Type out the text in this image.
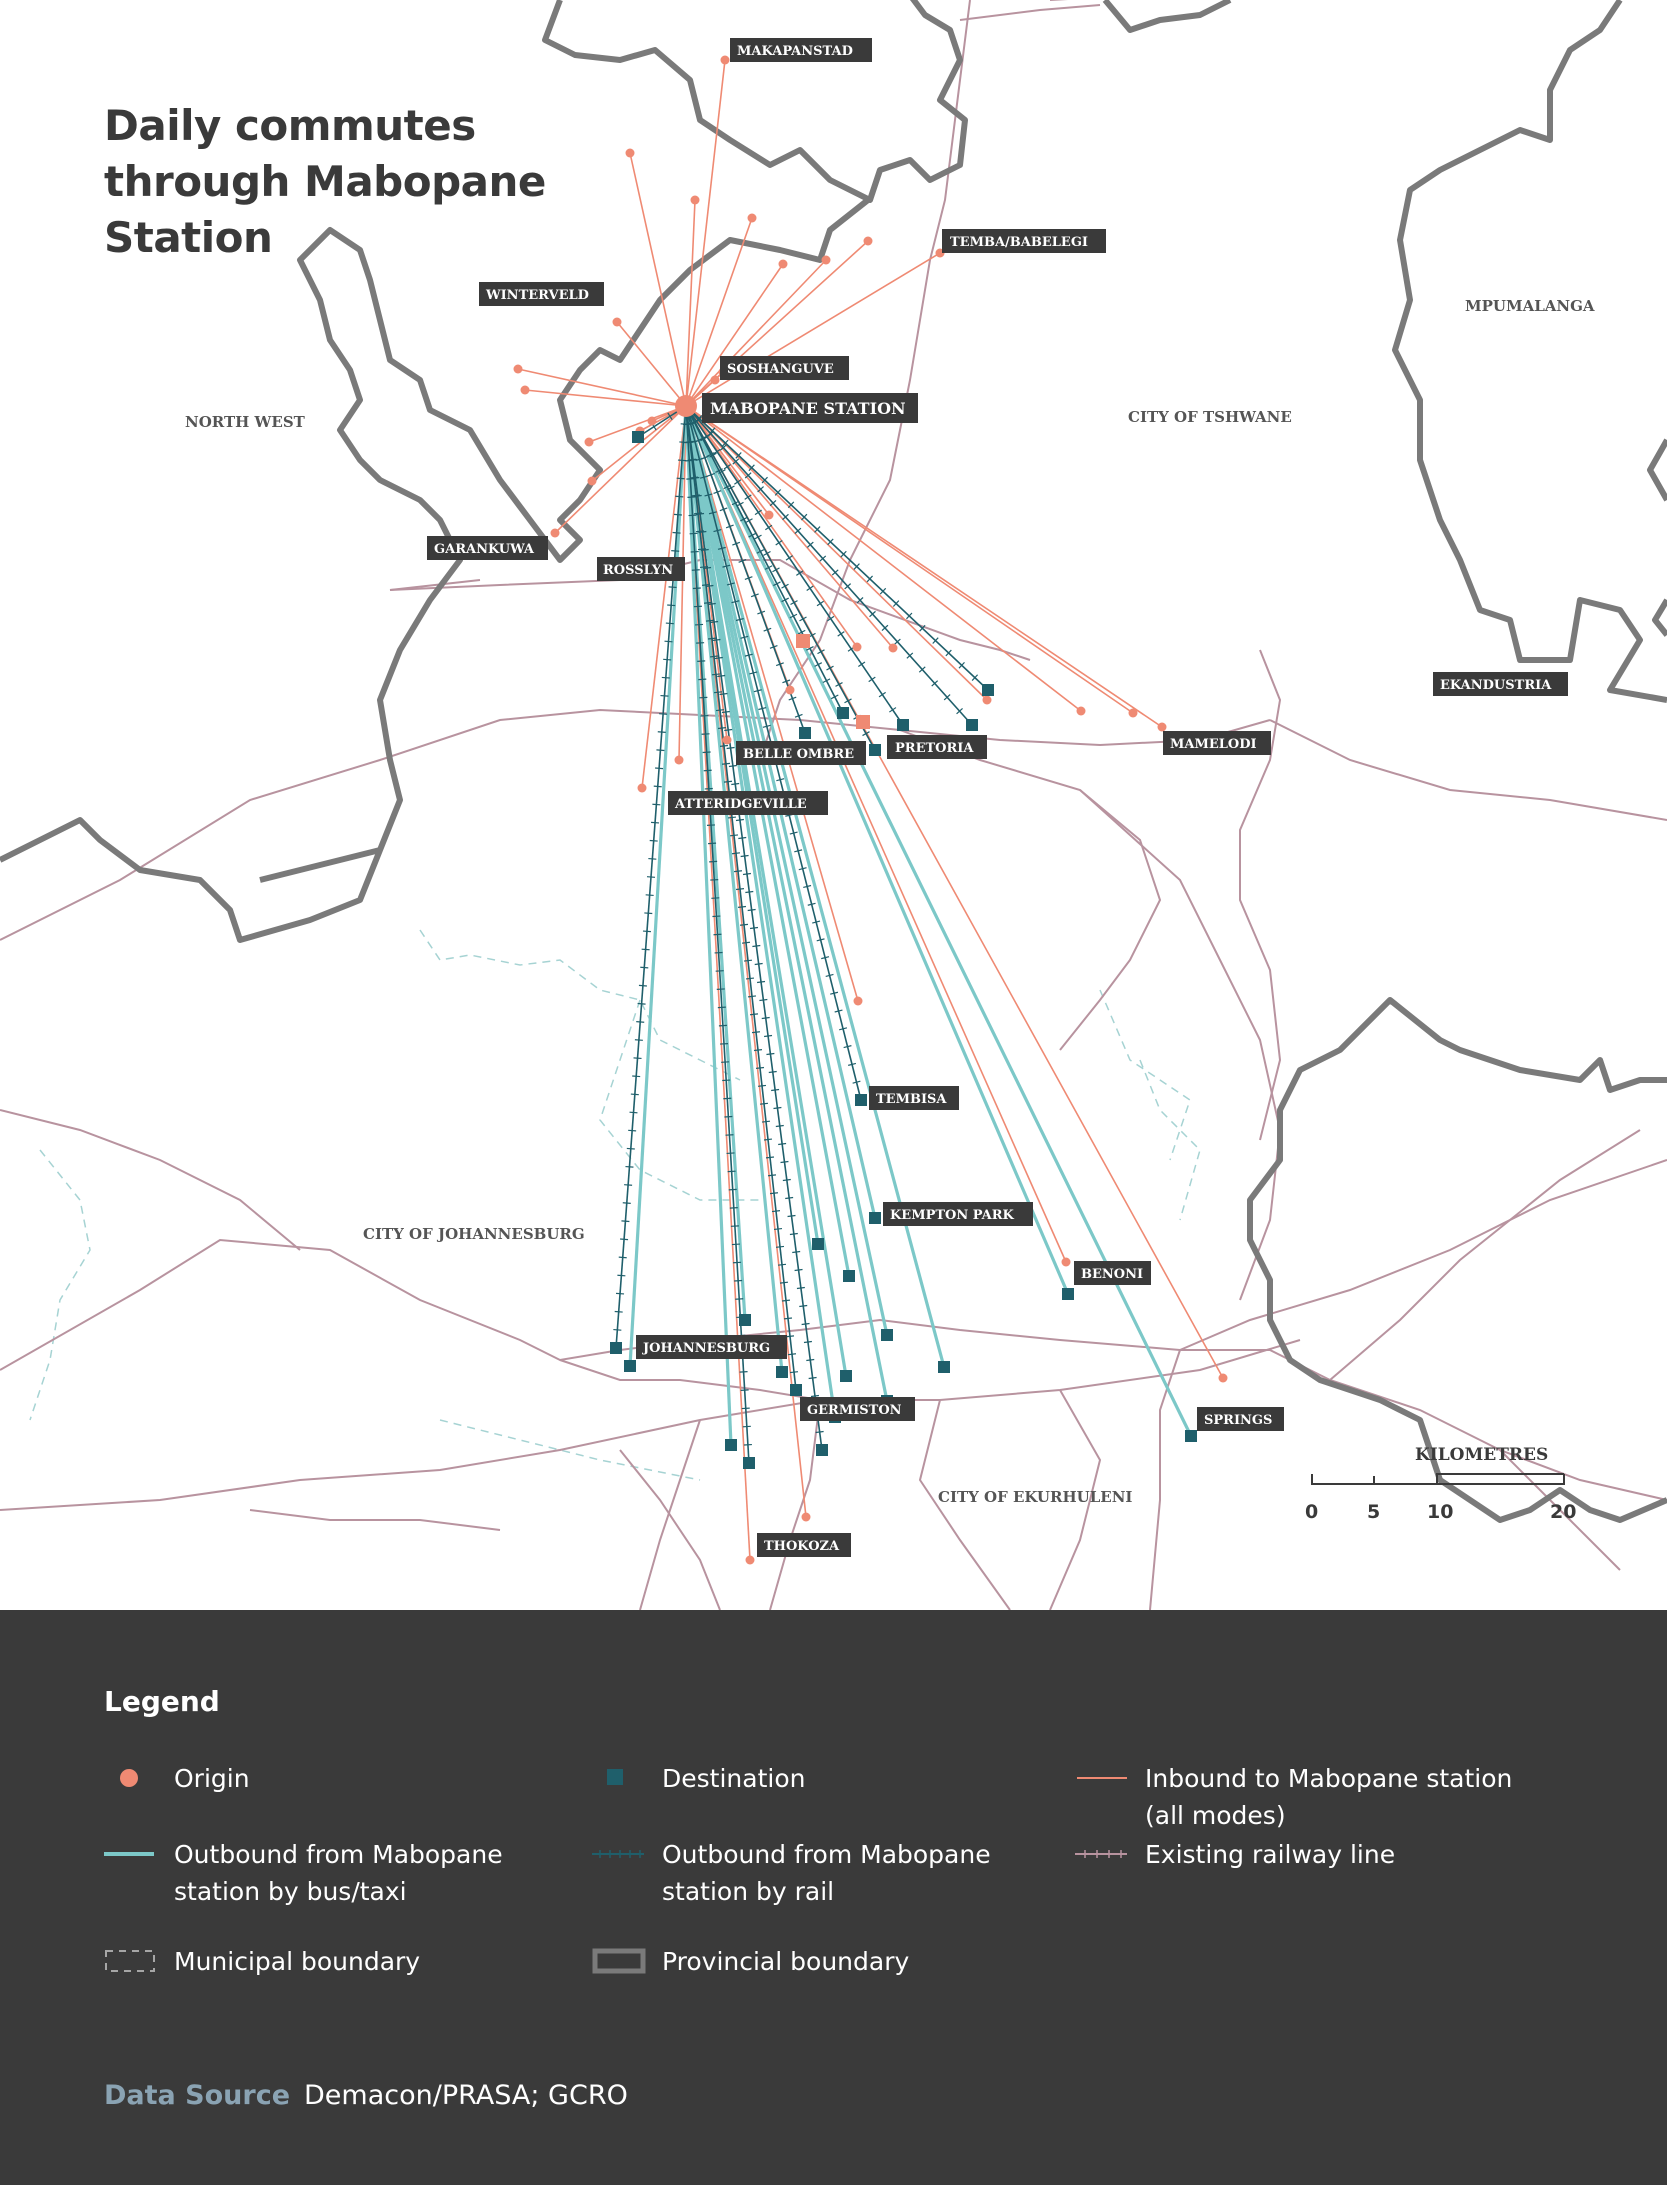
NORTH WEST	CITY OF TSHWANE
MPUMALANGA
CITY OF JOHANNESBURG
CITY OF EKURHULENI
MAKAPANSTAD
TEMBA/BABELEGI
WINTERVELD
SOSHANGUVE
MABOPANE STATION
GARANKUWA
ROSSLYN
BELLE OMBRE	PRETORIA
ATTERIDGEVILLE
MAMELODI
EKANDUSTRIA
TEMBISA
KEMPTON PARK
BENONI
JOHANNESBURG
GERMISTON
SPRINGS
THOKOZA
KILOMETRES
0	5 10	20
Daily commutes
through Mabopane
Station
Legend
Origin	Destination	Inbound to Mabopane station (all modes)
Outbound from Mabopane station by bus/taxi
Outbound from Mabopane station by rail
Existing railway line
Municipal boundary	Provincial boundary
Data Source Demacon/PRASA; GCRO
